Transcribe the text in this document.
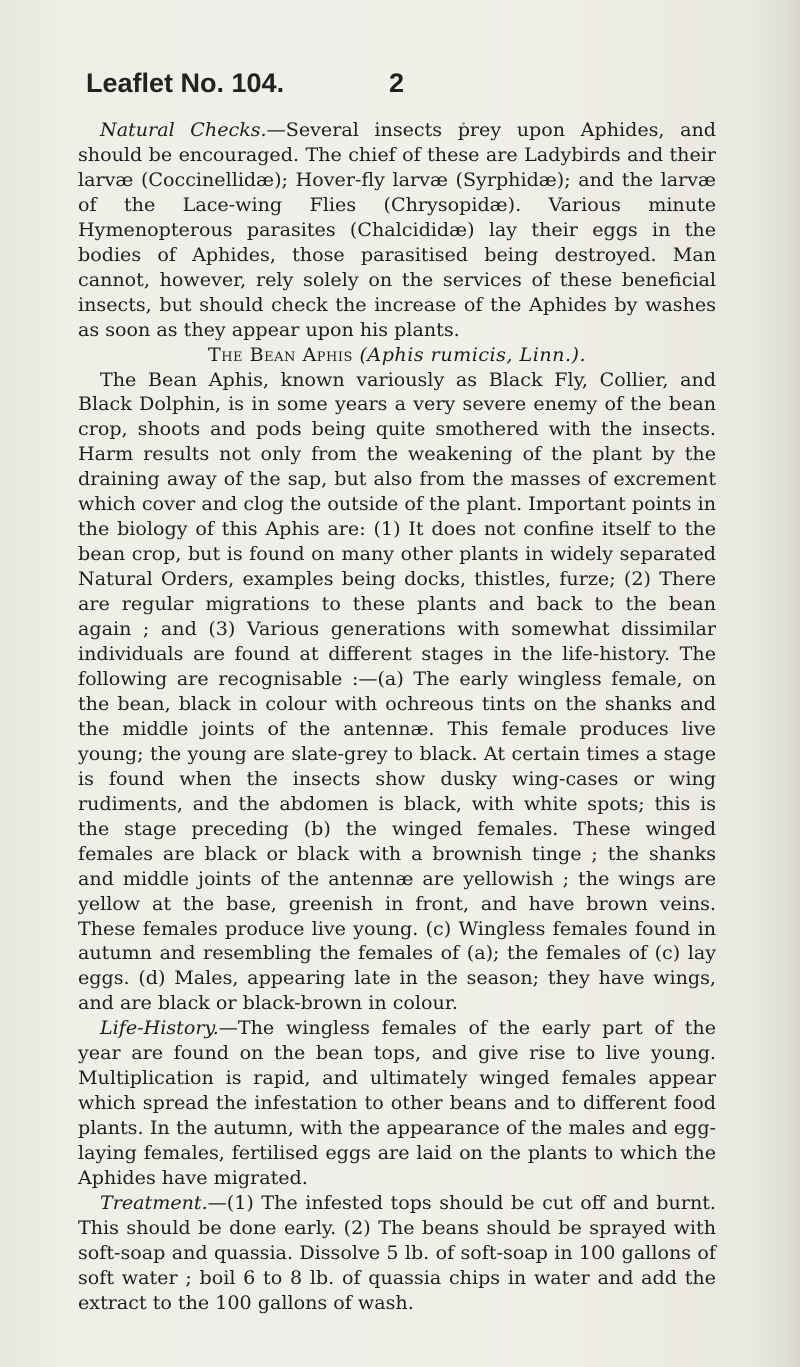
Leaflet No. 104.	2

Natural Checks.—Several insects prey upon Aphides, and should be encouraged. The chief of these are Ladybirds and their larvæ (Coccinellidæ); Hover-fly larvæ (Syrphidæ); and the larvæ of the Lace-wing Flies (Chrysopidæ). Various minute Hymenopterous parasites (Chalcididæ) lay their eggs in the bodies of Aphides, those parasitised being destroyed. Man cannot, however, rely solely on the services of these beneficial insects, but should check the increase of the Aphides by washes as soon as they appear upon his plants.

The Bean Aphis (Aphis rumicis, Linn.).

The Bean Aphis, known variously as Black Fly, Collier, and Black Dolphin, is in some years a very severe enemy of the bean crop, shoots and pods being quite smothered with the insects. Harm results not only from the weakening of the plant by the draining away of the sap, but also from the masses of excrement which cover and clog the outside of the plant. Important points in the biology of this Aphis are: (1) It does not confine itself to the bean crop, but is found on many other plants in widely separated Natural Orders, examples being docks, thistles, furze; (2) There are regular migrations to these plants and back to the bean again ; and (3) Various generations with somewhat dissimilar individuals are found at different stages in the life-history. The following are recognisable :—(a) The early wingless female, on the bean, black in colour with ochreous tints on the shanks and the middle joints of the antennæ. This female produces live young; the young are slate-grey to black. At certain times a stage is found when the insects show dusky wing-cases or wing rudiments, and the abdomen is black, with white spots; this is the stage preceding (b) the winged females. These winged females are black or black with a brownish tinge ; the shanks and middle joints of the antennæ are yellowish ; the wings are yellow at the base, greenish in front, and have brown veins. These females produce live young. (c) Wingless females found in autumn and resembling the females of (a); the females of (c) lay eggs. (d) Males, appearing late in the season; they have wings, and are black or black-brown in colour.

Life-History.—The wingless females of the early part of the year are found on the bean tops, and give rise to live young. Multiplication is rapid, and ultimately winged females appear which spread the infestation to other beans and to different food plants. In the autumn, with the appearance of the males and egg-laying females, fertilised eggs are laid on the plants to which the Aphides have migrated.

Treatment.—(1) The infested tops should be cut off and burnt. This should be done early. (2) The beans should be sprayed with soft-soap and quassia. Dissolve 5 lb. of soft-soap in 100 gallons of soft water ; boil 6 to 8 lb. of quassia chips in water and add the extract to the 100 gallons of wash.
